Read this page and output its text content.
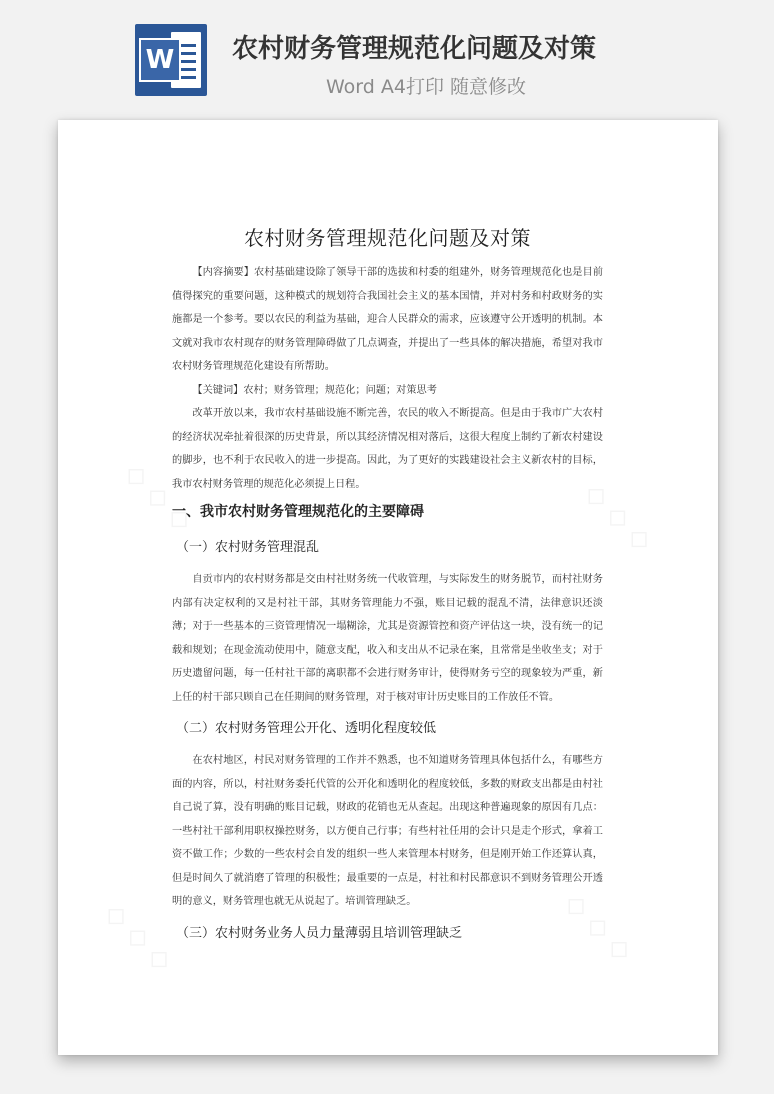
W 农村财务管理规范化问题及对策
Word A4打印 随意修改
农村财务管理规范化问题及对策

【内容摘要】农村基础建设除了领导干部的选拔和村委的组建外，财务管理规范化也是目前值得探究的重要问题，这种模式的规划符合我国社会主义的基本国情，并对村务和村政财务的实施都是一个参考。要以农民的利益为基础，迎合人民群众的需求，应该遵守公开透明的机制。本文就对我市农村现存的财务管理障碍做了几点调查，并提出了一些具体的解决措施，希望对我市农村财务管理规范化建设有所帮助。

【关键词】农村；财务管理；规范化；问题；对策思考

改革开放以来，我市农村基础设施不断完善，农民的收入不断提高。但是由于我市广大农村的经济状况牵扯着很深的历史背景，所以其经济情况相对落后，这很大程度上制约了新农村建设的脚步，也不利于农民收入的进一步提高。因此，为了更好的实践建设社会主义新农村的目标，我市农村财务管理的规范化必须提上日程。

一、我市农村财务管理规范化的主要障碍
（一）农村财务管理混乱

自贡市内的农村财务都是交由村社财务统一代收管理，与实际发生的财务脱节，而村社财务内部有决定权利的又是村社干部，其财务管理能力不强，账目记载的混乱不清，法律意识还淡薄；对于一些基本的三资管理情况一塌糊涂，尤其是资源管控和资产评估这一块，没有统一的记载和规划；在现金流动使用中，随意支配，收入和支出从不记录在案，且常常是坐收坐支；对于历史遗留问题，每一任村社干部的离职都不会进行财务审计，使得财务亏空的现象较为严重，新上任的村干部只顾自己在任期间的财务管理，对于核对审计历史账目的工作放任不管。

（二）农村财务管理公开化、透明化程度较低

在农村地区，村民对财务管理的工作并不熟悉，也不知道财务管理具体包括什么，有哪些方面的内容，所以，村社财务委托代管的公开化和透明化的程度较低，多数的财政支出都是由村社自己说了算，没有明确的账目记载，财政的花销也无从查起。出现这种普遍现象的原因有几点：一些村社干部利用职权操控财务，以方便自己行事；有些村社任用的会计只是走个形式，拿着工资不做工作；少数的一些农村会自发的组织一些人来管理本村财务，但是刚开始工作还算认真，但是时间久了就消磨了管理的积极性；最重要的一点是，村社和村民都意识不到财务管理公开透明的意义，财务管理也就无从说起了。培训管理缺乏。

（三）农村财务业务人员力量薄弱且培训管理缺乏
